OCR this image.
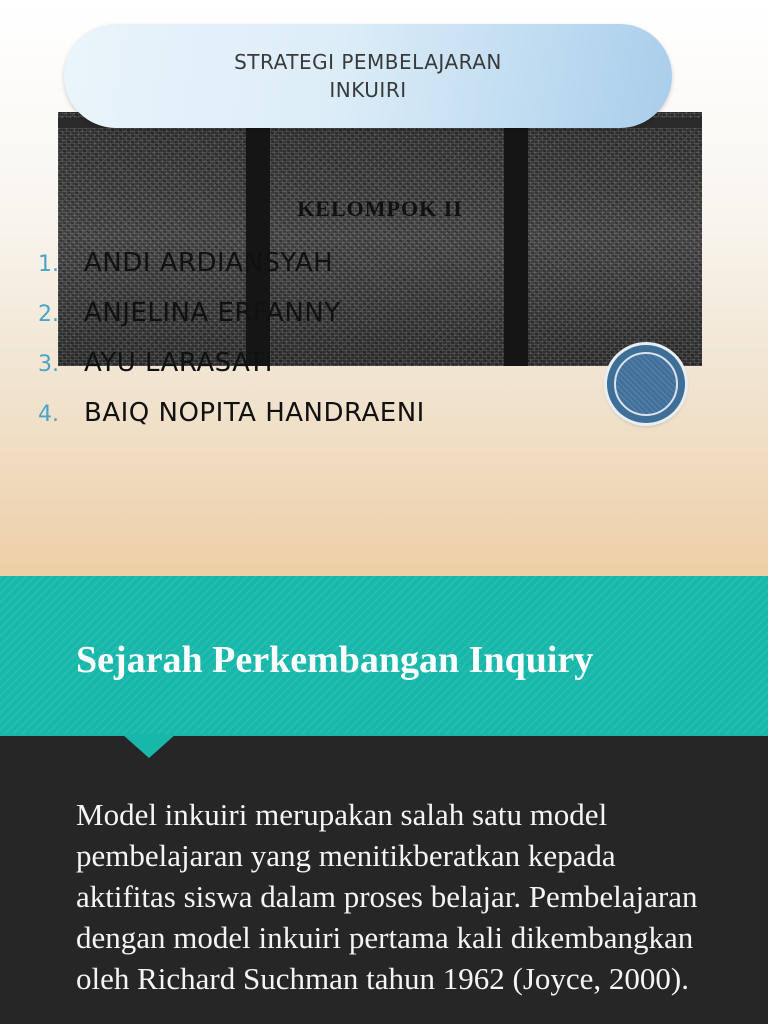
KELOMPOK II
STRATEGI PEMBELAJARAN
INKUIRI
1. ANDI ARDIANSYAH
2. ANJELINA ERFANNY
3. AYU LARASATI
4. BAIQ NOPITA HANDRAENI
Sejarah Perkembangan Inquiry

Model inkuiri merupakan salah satu model pembelajaran yang menitikberatkan kepada aktifitas siswa dalam proses belajar. Pembelajaran dengan model inkuiri pertama kali dikembangkan oleh Richard Suchman tahun 1962 (Joyce, 2000).
